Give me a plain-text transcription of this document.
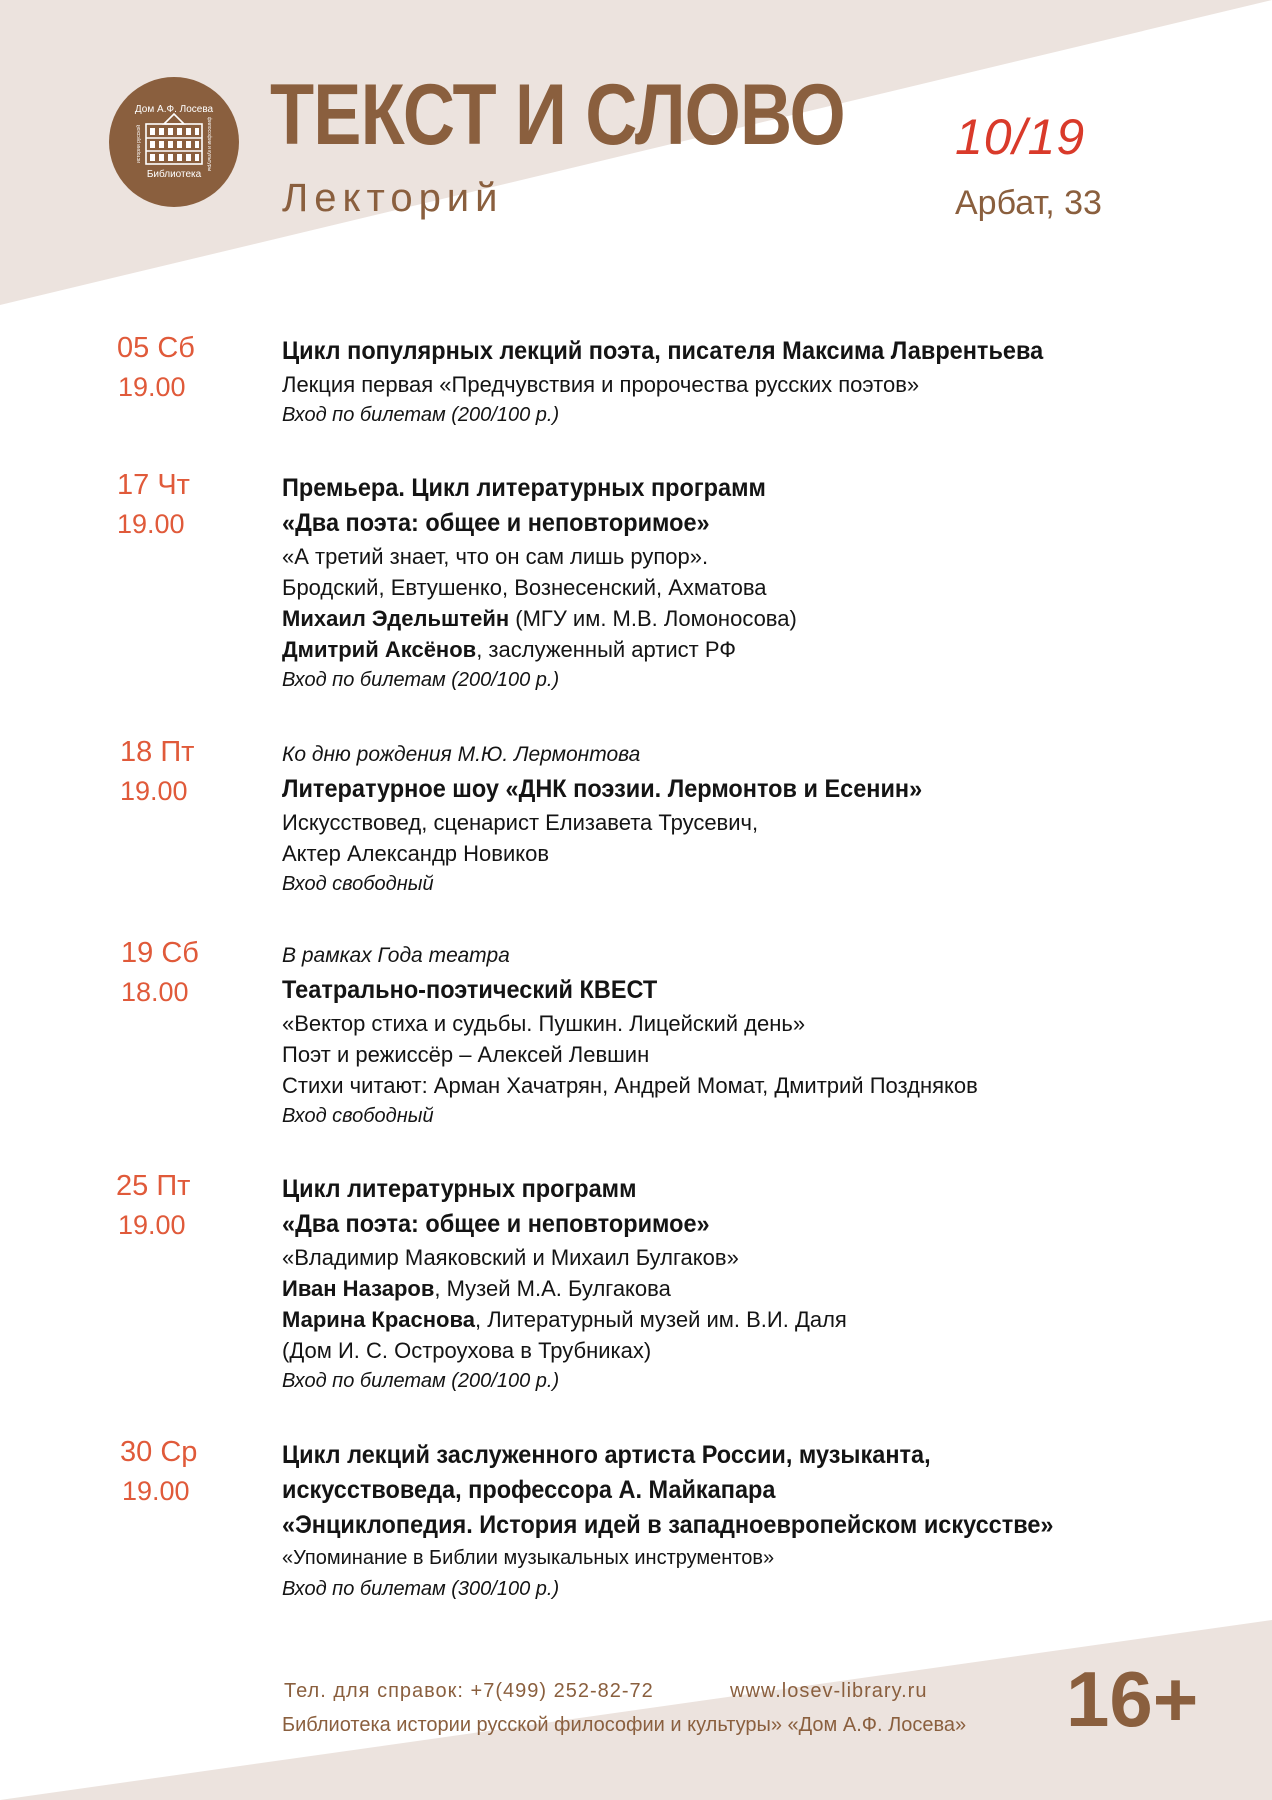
Дом А.Ф. Лосева
Библиотека
истории русской	философии и культуры ТЕКСТ И СЛОВО
Лекторий
10/19
Арбат, 33
05 Сб
19.00
Цикл популярных лекций поэта, писателя Максима Лаврентьева
Лекция первая «Предчувствия и пророчества русских поэтов»
Вход по билетам (200/100 р.)
17 Чт
19.00
Премьера. Цикл литературных программ
«Два поэта: общее и неповторимое»
«А третий знает, что он сам лишь рупор».
Бродский, Евтушенко, Вознесенский, Ахматова
Михаил Эдельштейн (МГУ им. М.В. Ломоносова)
Дмитрий Аксёнов, заслуженный артист РФ
Вход по билетам (200/100 р.)
18 Пт
19.00
Ко дню рождения М.Ю. Лермонтова
Литературное шоу «ДНК поэзии. Лермонтов и Есенин»
Искусствовед, сценарист Елизавета Трусевич,
Актер Александр Новиков
Вход свободный
19 Сб
18.00
В рамках Года театра
Театрально-поэтический КВЕСТ
«Вектор стиха и судьбы. Пушкин. Лицейский день»
Поэт и режиссёр – Алексей Левшин
Стихи читают: Арман Хачатрян, Андрей Момат, Дмитрий Поздняков
Вход свободный
25 Пт
19.00
Цикл литературных программ
«Два поэта: общее и неповторимое»
«Владимир Маяковский и Михаил Булгаков»
Иван Назаров, Музей М.А. Булгакова
Марина Краснова, Литературный музей им. В.И. Даля
(Дом И. С. Остроухова в Трубниках)
Вход по билетам (200/100 р.)
30 Ср
19.00
Цикл лекций заслуженного артиста России, музыканта,
искусствоведа, профессора А. Майкапара
«Энциклопедия. История идей в западноевропейском искусстве»
«Упоминание в Библии музыкальных инструментов»
Вход по билетам (300/100 р.)
Тел. для справок: +7(499) 252-82-72	www.losev-library.ru
Библиотека истории русской философии и культуры» «Дом А.Ф. Лосева» 16+
